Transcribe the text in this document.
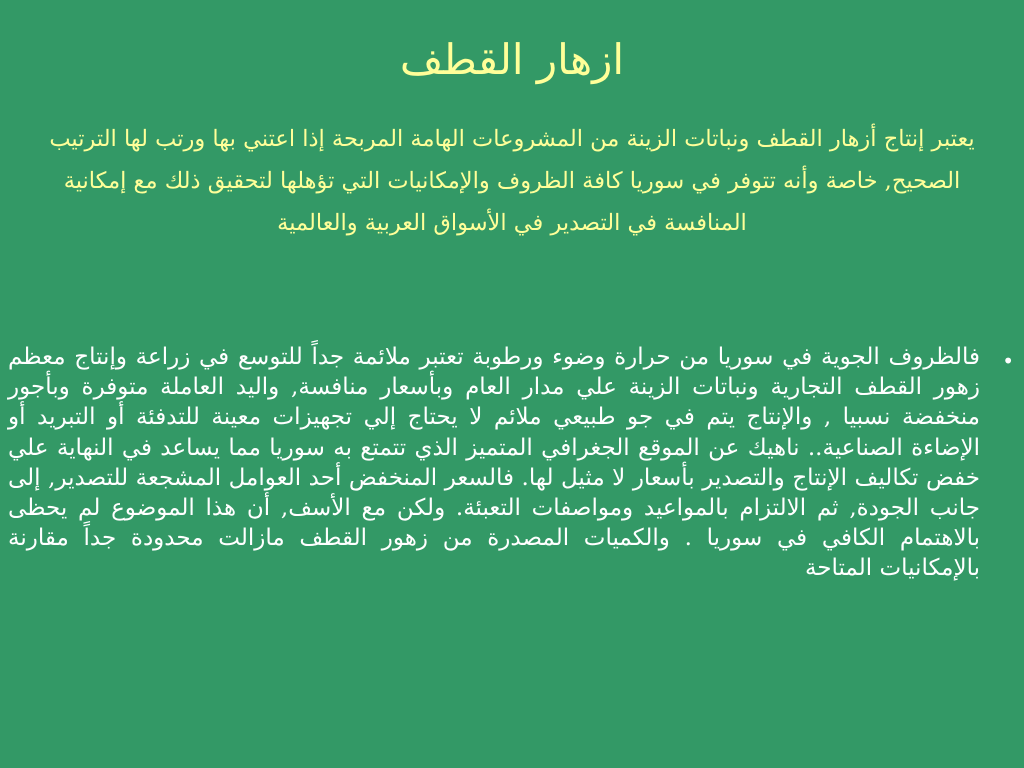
ازهار القطف
يعتبر إنتاج أزهار القطف ونباتات الزينة من المشروعات الهامة المربحة إذا اعتني بها ورتب لها الترتيب الصحيح, خاصة وأنه تتوفر في سوريا كافة الظروف والإمكانيات التي تؤهلها لتحقيق ذلك مع إمكانية المنافسة في التصدير في الأسواق العربية والعالمية
•

فالظروف الجوية في سوريا من حرارة وضوء ورطوبة تعتبر ملائمة جداً للتوسع في زراعة وإنتاج معظم زهور القطف التجارية ونباتات الزينة علي مدار العام وبأسعار منافسة, واليد العاملة متوفرة وبأجور منخفضة نسبيا , والإنتاج يتم في جو طبيعي ملائم لا يحتاج إلي تجهيزات معينة للتدفئة أو التبريد أو الإضاءة الصناعية.. ناهيك عن الموقع الجغرافي المتميز الذي تتمتع به سوريا مما يساعد في النهاية علي خفض تكاليف الإنتاج والتصدير بأسعار لا مثيل لها. فالسعر المنخفض أحد العوامل المشجعة للتصدير, إلى جانب الجودة, ثم الالتزام بالمواعيد ومواصفات التعبئة. ولكن مع الأسف, أن هذا الموضوع لم يحظى بالاهتمام الكافي في سوريا . والكميات المصدرة من زهور القطف مازالت محدودة جداً مقارنة بالإمكانيات المتاحة
